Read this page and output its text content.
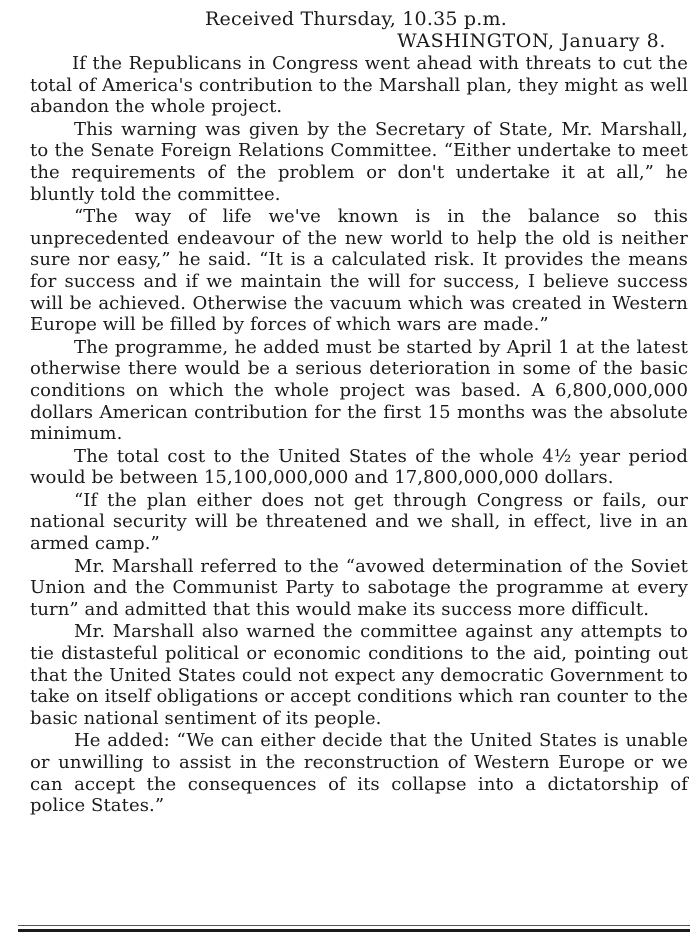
Received Thursday, 10.35 p.m.
WASHINGTON, January 8.

If the Republicans in Congress went ahead with threats to cut the total of America's contribution to the Marshall plan, they might as well abandon the whole project.

This warning was given by the Secretary of State, Mr. Marshall, to the Senate Foreign Relations Committee. “Either undertake to meet the requirements of the problem or don't undertake it at all,” he bluntly told the committee.

“The way of life we've known is in the balance so this unprecedented endeavour of the new world to help the old is neither sure nor easy,” he said. “It is a calculated risk. It provides the means for success and if we maintain the will for success, I believe success will be achieved. Otherwise the vacuum which was created in Western Europe will be filled by forces of which wars are made.”

The programme, he added must be started by April 1 at the latest otherwise there would be a serious deterioration in some of the basic conditions on which the whole project was based. A 6,800,000,000 dollars American contribution for the first 15 months was the absolute minimum.

The total cost to the United States of the whole 4½ year period would be between 15,100,000,000 and 17,800,000,000 dollars.

“If the plan either does not get through Congress or fails, our national security will be threatened and we shall, in effect, live in an armed camp.”

Mr. Marshall referred to the “avowed determination of the Soviet Union and the Communist Party to sabotage the programme at every turn” and admitted that this would make its success more difficult.

Mr. Marshall also warned the committee against any attempts to tie distasteful political or economic conditions to the aid, pointing out that the United States could not expect any democratic Government to take on itself obligations or accept conditions which ran counter to the basic national sentiment of its people.

He added: “We can either decide that the United States is unable or unwilling to assist in the reconstruction of Western Europe or we can accept the consequences of its collapse into a dictatorship of police States.”
